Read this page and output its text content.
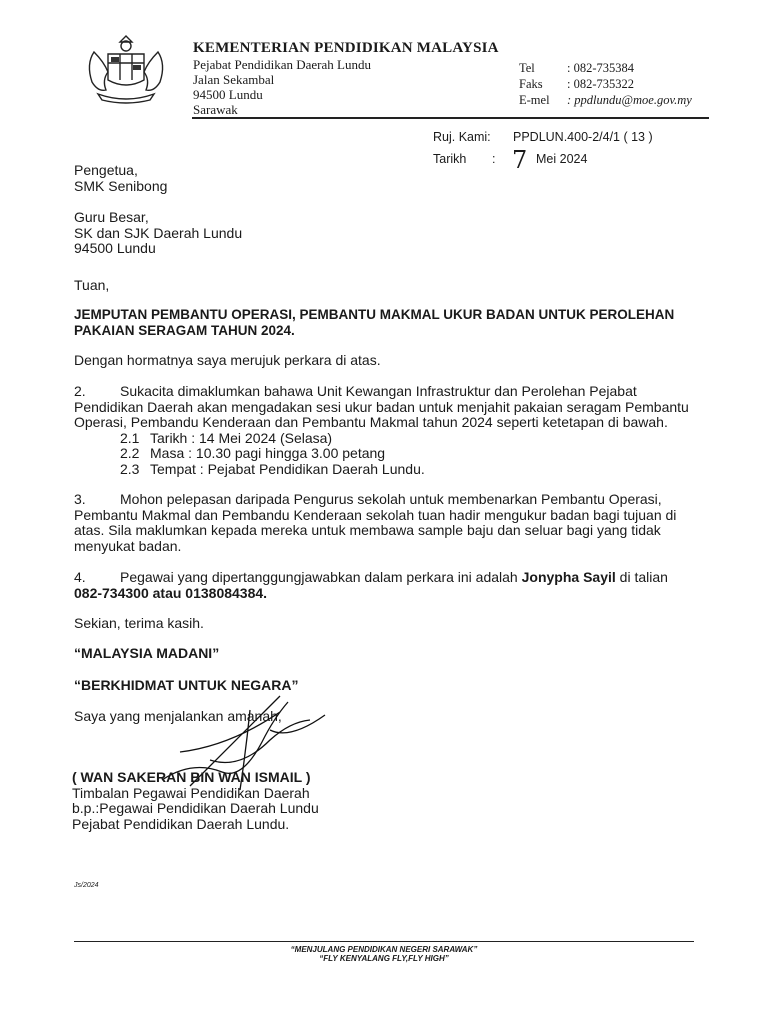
KEMENTERIAN PENDIDIKAN MALAYSIA
Pejabat Pendidikan Daerah Lundu
Jalan Sekambal
94500 Lundu
Sarawak
Tel	: 082-735384
Faks : 082-735322
E-mel : ppdlundu@moe.gov.my
Ruj. Kami: PPDLUN.400-2/4/1 ( 13 )
Tarikh : 7 Mei 2024
Pengetua,
SMK Senibong
Guru Besar,
SK dan SJK Daerah Lundu
94500 Lundu
Tuan,
JEMPUTAN PEMBANTU OPERASI, PEMBANTU MAKMAL UKUR BADAN UNTUK PEROLEHAN
PAKAIAN SERAGAM TAHUN 2024.
Dengan hormatnya saya merujuk perkara di atas.
2. Sukacita dimaklumkan bahawa Unit Kewangan Infrastruktur dan Perolehan Pejabat
Pendidikan Daerah akan mengadakan sesi ukur badan untuk menjahit pakaian seragam Pembantu
Operasi, Pembandu Kenderaan dan Pembantu Makmal tahun 2024 seperti ketetapan di bawah.
2.1 Tarikh : 14 Mei 2024 (Selasa)
2.2 Masa : 10.30 pagi hingga 3.00 petang
2.3 Tempat : Pejabat Pendidikan Daerah Lundu.
3. Mohon pelepasan daripada Pengurus sekolah untuk membenarkan Pembantu Operasi,
Pembantu Makmal dan Pembandu Kenderaan sekolah tuan hadir mengukur badan bagi tujuan di
atas. Sila maklumkan kepada mereka untuk membawa sample baju dan seluar bagi yang tidak
menyukat badan.
4. Pegawai yang dipertanggungjawabkan dalam perkara ini adalah Jonypha Sayil di talian
082-734300 atau 0138084384.
Sekian, terima kasih.
“MALAYSIA MADANI”
“BERKHIDMAT UNTUK NEGARA”
Saya yang menjalankan amanah,
( WAN SAKERAN BIN WAN ISMAIL )
Timbalan Pegawai Pendidikan Daerah
b.p.:Pegawai Pendidikan Daerah Lundu
Pejabat Pendidikan Daerah Lundu.
Js/2024
“MENJULANG PENDIDIKAN NEGERI SARAWAK”
“FLY KENYALANG FLY,FLY HIGH”
